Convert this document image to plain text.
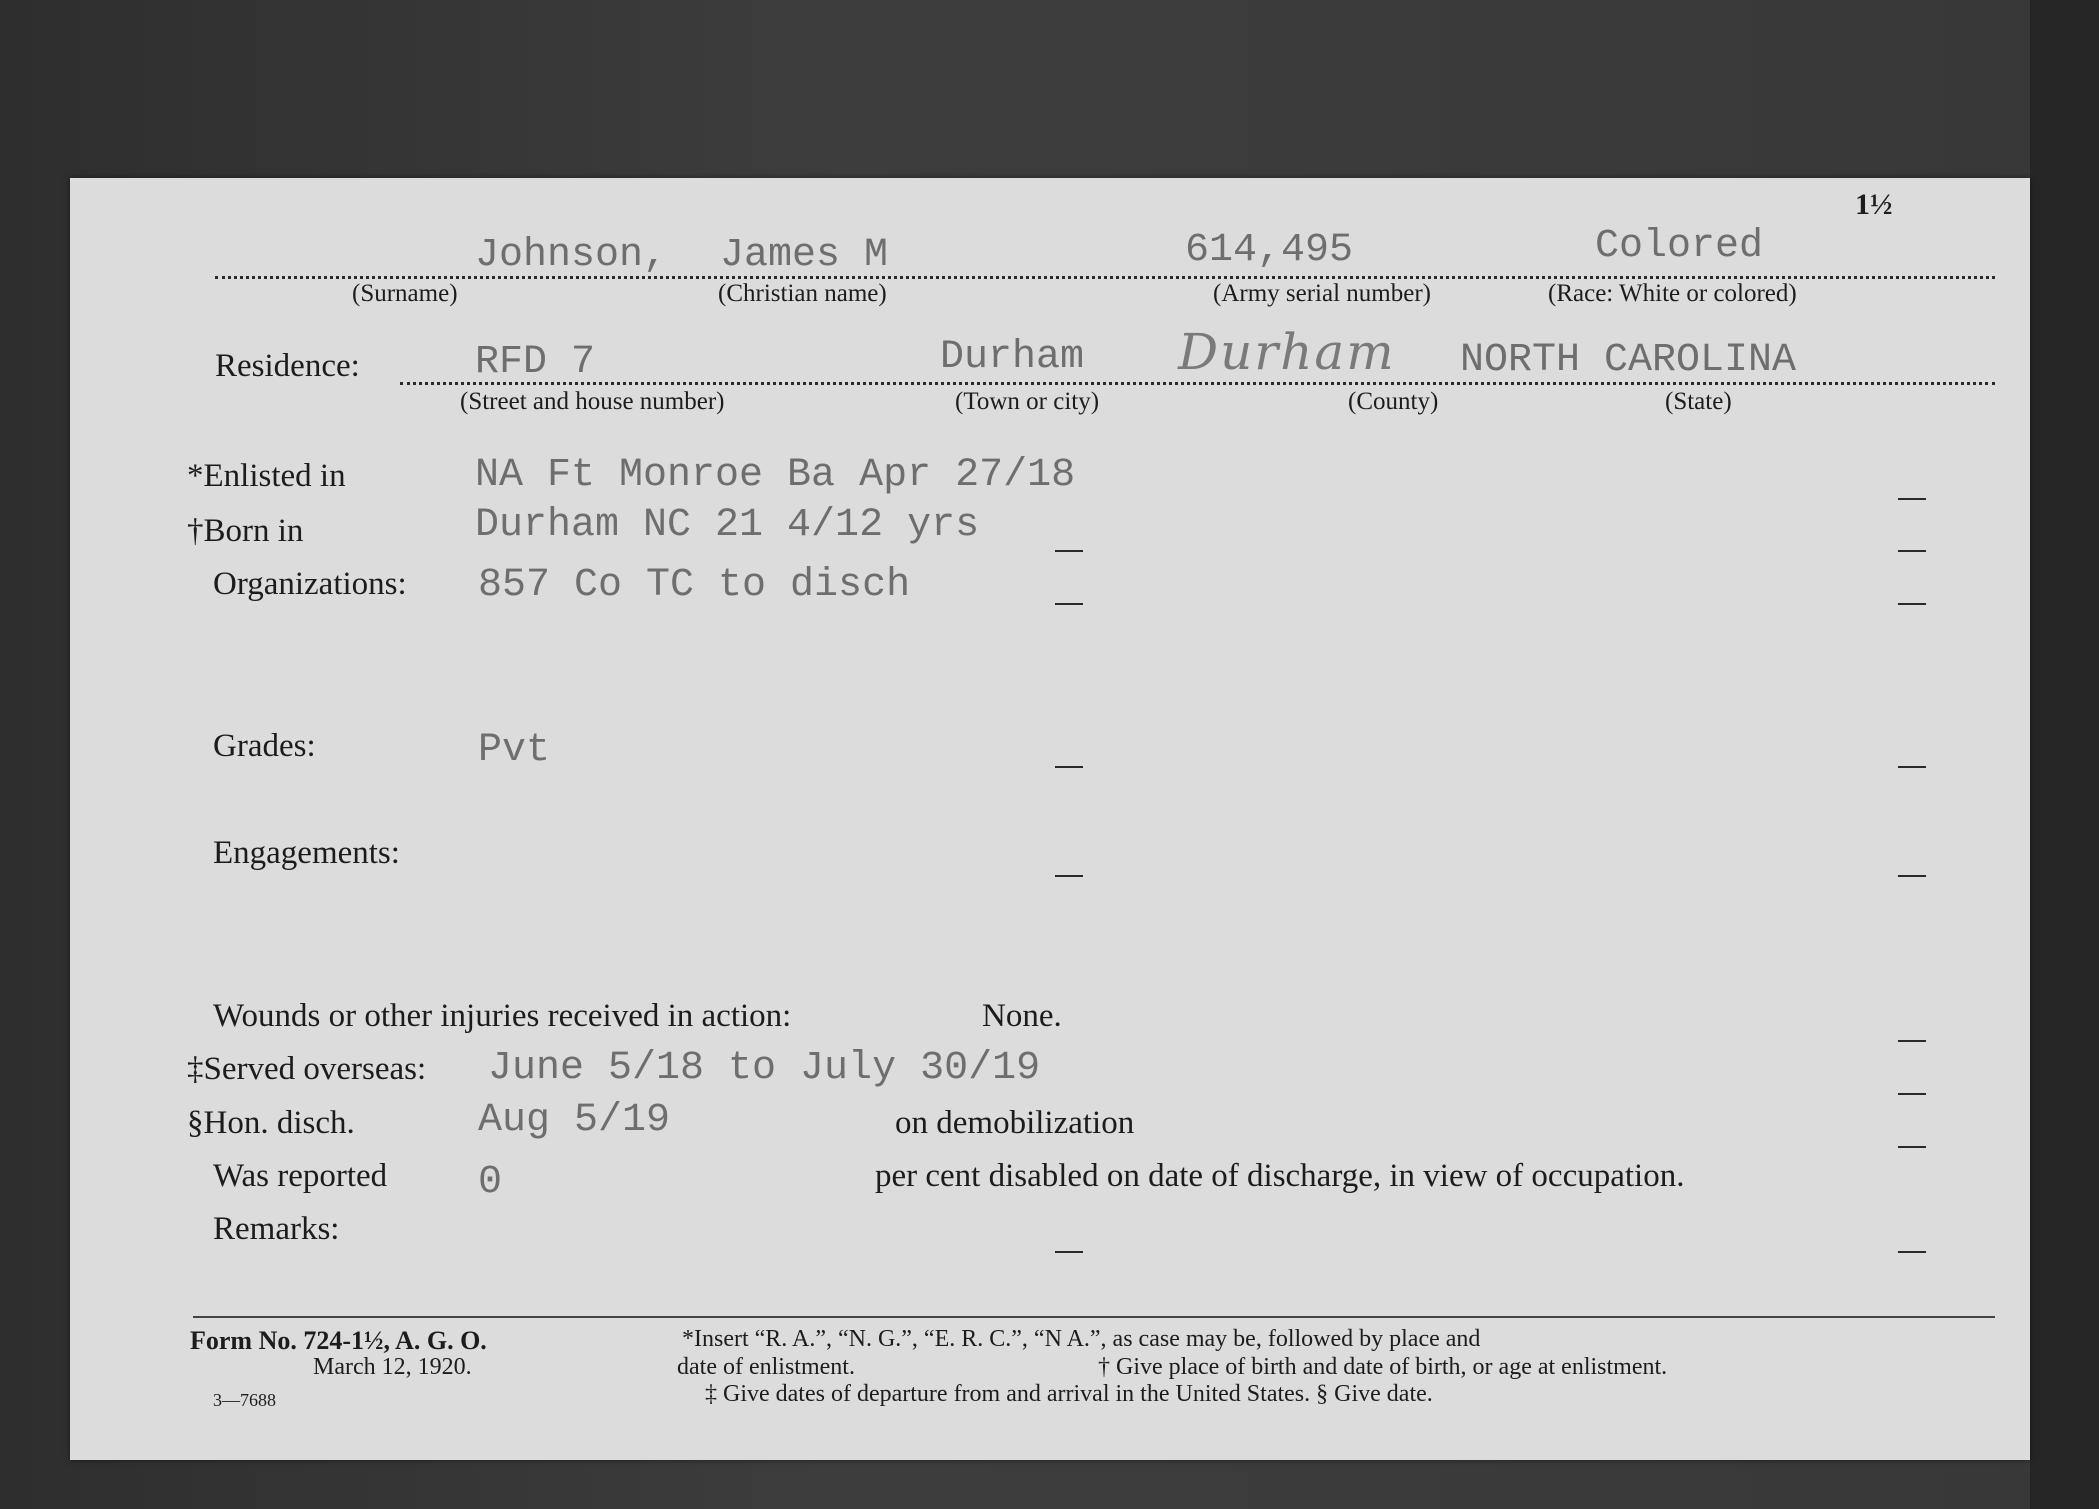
1½
Johnson, James M	614,495	Colored
(Surname)	(Christian name)	(Army serial number)	(Race: White or colored)
Residence:	RFD 7	Durham Durham NORTH CAROLINA
(Street and house number)	(Town or city)	(County)	(State)
*Enlisted in	NA Ft Monroe Ba Apr 27/18
†Born in	Durham NC 21 4/12 yrs
Organizations: 857 Co TC to disch
Grades:	Pvt
Engagements:
Wounds or other injuries received in action:	None.
‡Served overseas: June 5/18 to July 30/19
§Hon. disch.	Aug 5/19	on demobilization
Was reported 0	per cent disabled on date of discharge, in view of occupation.
Remarks:
Form No. 724-1½, A. G. O.
March 12, 1920.
3—7688
*Insert “R. A.”, “N. G.”, “E. R. C.”, “N A.”, as case may be, followed by place and
date of enlistment.	† Give place of birth and date of birth, or age at enlistment.
‡ Give dates of departure from and arrival in the United States. § Give date.
